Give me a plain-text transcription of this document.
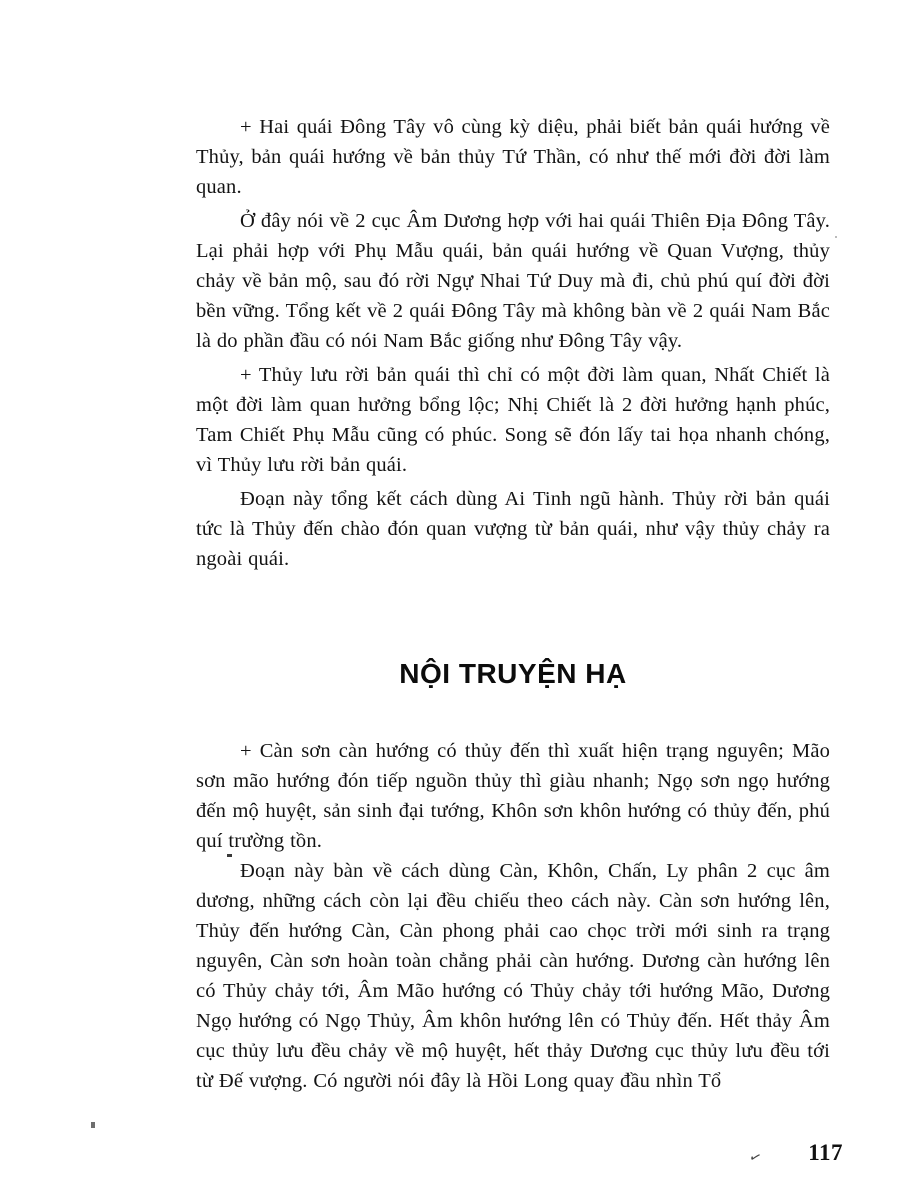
+ Hai quái Đông Tây vô cùng kỳ diệu, phải biết bản quái hướng về Thủy, bản quái hướng về bản thủy Tứ Thần, có như thế mới đời đời làm quan.

Ở đây nói về 2 cục Âm Dương hợp với hai quái Thiên Địa Đông Tây. Lại phải hợp với Phụ Mẫu quái, bản quái hướng về Quan Vượng, thủy chảy về bản mộ, sau đó rời Ngự Nhai Tứ Duy mà đi, chủ phú quí đời đời bền vững. Tổng kết về 2 quái Đông Tây mà không bàn về 2 quái Nam Bắc là do phần đầu có nói Nam Bắc giống như Đông Tây vậy.

+ Thủy lưu rời bản quái thì chỉ có một đời làm quan, Nhất Chiết là một đời làm quan hưởng bổng lộc; Nhị Chiết là 2 đời hưởng hạnh phúc, Tam Chiết Phụ Mẫu cũng có phúc. Song sẽ đón lấy tai họa nhanh chóng, vì Thủy lưu rời bản quái.

Đoạn này tổng kết cách dùng Ai Tinh ngũ hành. Thủy rời bản quái tức là Thủy đến chào đón quan vượng từ bản quái, như vậy thủy chảy ra ngoài quái.

NỘI TRUYỆN HẠ

+ Càn sơn càn hướng có thủy đến thì xuất hiện trạng nguyên; Mão sơn mão hướng đón tiếp nguồn thủy thì giàu nhanh; Ngọ sơn ngọ hướng đến mộ huyệt, sản sinh đại tướng, Khôn sơn khôn hướng có thủy đến, phú quí trường tồn.

Đoạn này bàn về cách dùng Càn, Khôn, Chấn, Ly phân 2 cục âm dương, những cách còn lại đều chiếu theo cách này. Càn sơn hướng lên, Thủy đến hướng Càn, Càn phong phải cao chọc trời mới sinh ra trạng nguyên, Càn sơn hoàn toàn chẳng phải càn hướng. Dương càn hướng lên có Thủy chảy tới, Âm Mão hướng có Thủy chảy tới hướng Mão, Dương Ngọ hướng có Ngọ Thủy, Âm khôn hướng lên có Thủy đến. Hết thảy Âm cục thủy lưu đều chảy về mộ huyệt, hết thảy Dương cục thủy lưu đều tới từ Đế vượng. Có người nói đây là Hồi Long quay đầu nhìn Tổ

✓ 117
